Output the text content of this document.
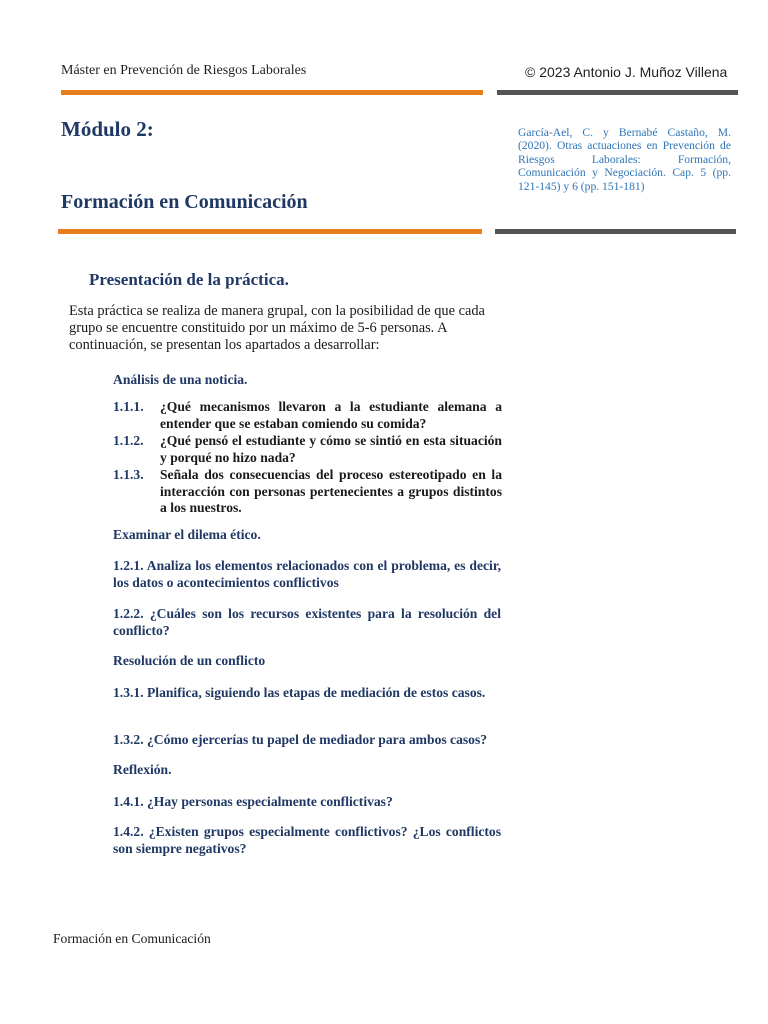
Máster en Prevención de Riesgos Laborales	© 2023 Antonio J. Muñoz Villena
Módulo 2:
Formación en Comunicación
García-Ael, C. y Bernabé Castaño, M. (2020). Otras actuaciones en Prevención de Riesgos Laborales: Formación, Comunicación y Negociación. Cap. 5 (pp. 121-145) y 6 (pp. 151-181)
Presentación de la práctica.
Esta práctica se realiza de manera grupal, con la posibilidad de que cada grupo se encuentre constituido por un máximo de 5-6 personas. A continuación, se presentan los apartados a desarrollar:
Análisis de una noticia.
1.1.1. ¿Qué mecanismos llevaron a la estudiante alemana a entender que se estaban comiendo su comida?
1.1.2. ¿Qué pensó el estudiante y cómo se sintió en esta situación y porqué no hizo nada?
1.1.3. Señala dos consecuencias del proceso estereotipado en la interacción con personas pertenecientes a grupos distintos a los nuestros.
Examinar el dilema ético.
1.2.1. Analiza los elementos relacionados con el problema, es decir, los datos o acontecimientos conflictivos
1.2.2. ¿Cuáles son los recursos existentes para la resolución del conflicto?
Resolución de un conflicto
1.3.1. Planifica, siguiendo las etapas de mediación de estos casos.
1.3.2. ¿Cómo ejercerías tu papel de mediador para ambos casos?
Reflexión.
1.4.1. ¿Hay personas especialmente conflictivas?
1.4.2. ¿Existen grupos especialmente conflictivos? ¿Los conflictos son siempre negativos?
Formación en Comunicación
